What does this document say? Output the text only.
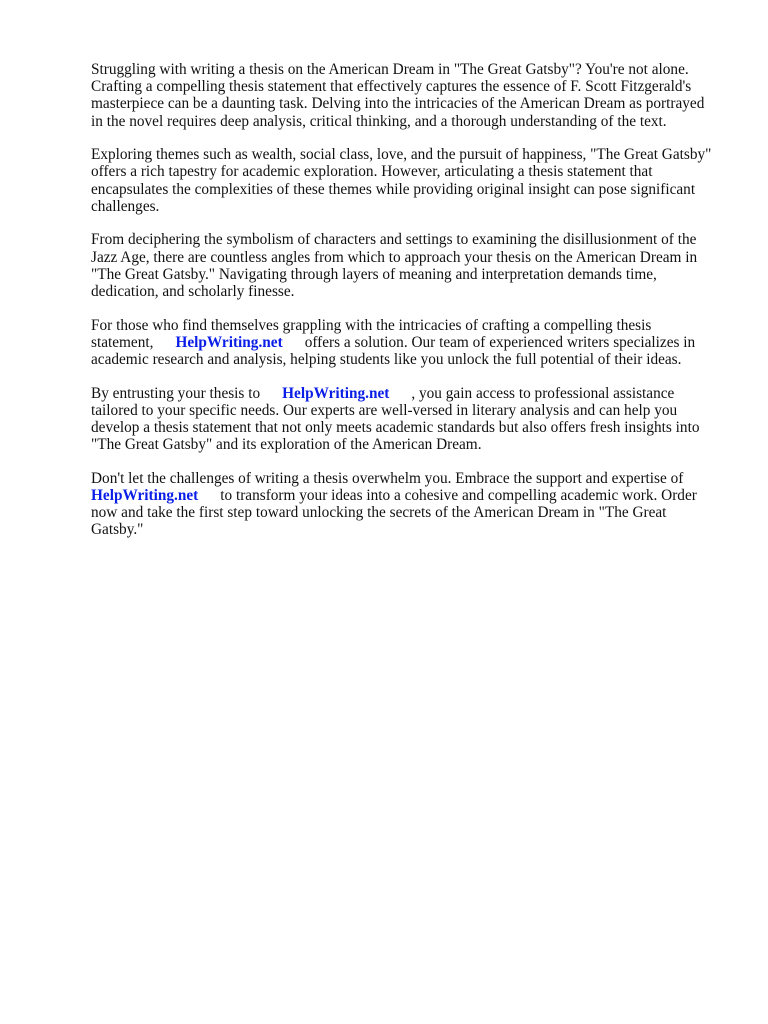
Struggling with writing a thesis on the American Dream in "The Great Gatsby"? You're not alone.
Crafting a compelling thesis statement that effectively captures the essence of F. Scott Fitzgerald's
masterpiece can be a daunting task. Delving into the intricacies of the American Dream as portrayed
in the novel requires deep analysis, critical thinking, and a thorough understanding of the text.

Exploring themes such as wealth, social class, love, and the pursuit of happiness, "The Great Gatsby"
offers a rich tapestry for academic exploration. However, articulating a thesis statement that
encapsulates the complexities of these themes while providing original insight can pose significant
challenges.

From deciphering the symbolism of characters and settings to examining the disillusionment of the
Jazz Age, there are countless angles from which to approach your thesis on the American Dream in
"The Great Gatsby." Navigating through layers of meaning and interpretation demands time,
dedication, and scholarly finesse.

For those who find themselves grappling with the intricacies of crafting a compelling thesis
statement, HelpWriting.net offers a solution. Our team of experienced writers specializes in
academic research and analysis, helping students like you unlock the full potential of their ideas.

By entrusting your thesis to HelpWriting.net , you gain access to professional assistance
tailored to your specific needs. Our experts are well-versed in literary analysis and can help you
develop a thesis statement that not only meets academic standards but also offers fresh insights into
"The Great Gatsby" and its exploration of the American Dream.

Don't let the challenges of writing a thesis overwhelm you. Embrace the support and expertise of
HelpWriting.net to transform your ideas into a cohesive and compelling academic work. Order
now and take the first step toward unlocking the secrets of the American Dream in "The Great
Gatsby."
